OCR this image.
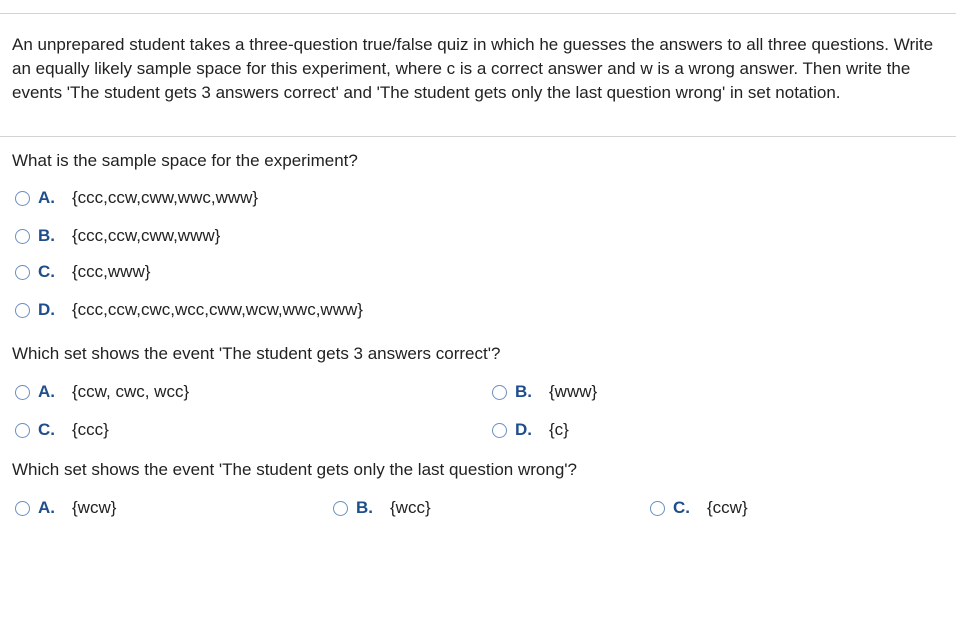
An unprepared student takes a three-question true/false quiz in which he guesses the answers to all three questions. Write an equally likely sample space for this experiment, where c is a correct answer and w is a wrong answer. Then write the events 'The student gets 3 answers correct' and 'The student gets only the last question wrong' in set notation.
What is the sample space for the experiment?
A.	{ccc,ccw,cww,wwc,www}
B.	{ccc,ccw,cww,www}
C.	{ccc,www}
D.	{ccc,ccw,cwc,wcc,cww,wcw,wwc,www}
Which set shows the event 'The student gets 3 answers correct'?
A.	{ccw, cwc, wcc}	B.	{www}
C.	{ccc}	D.	{c}
Which set shows the event 'The student gets only the last question wrong'?
A.	{wcw}	B.	{wcc}	C.	{ccw}
